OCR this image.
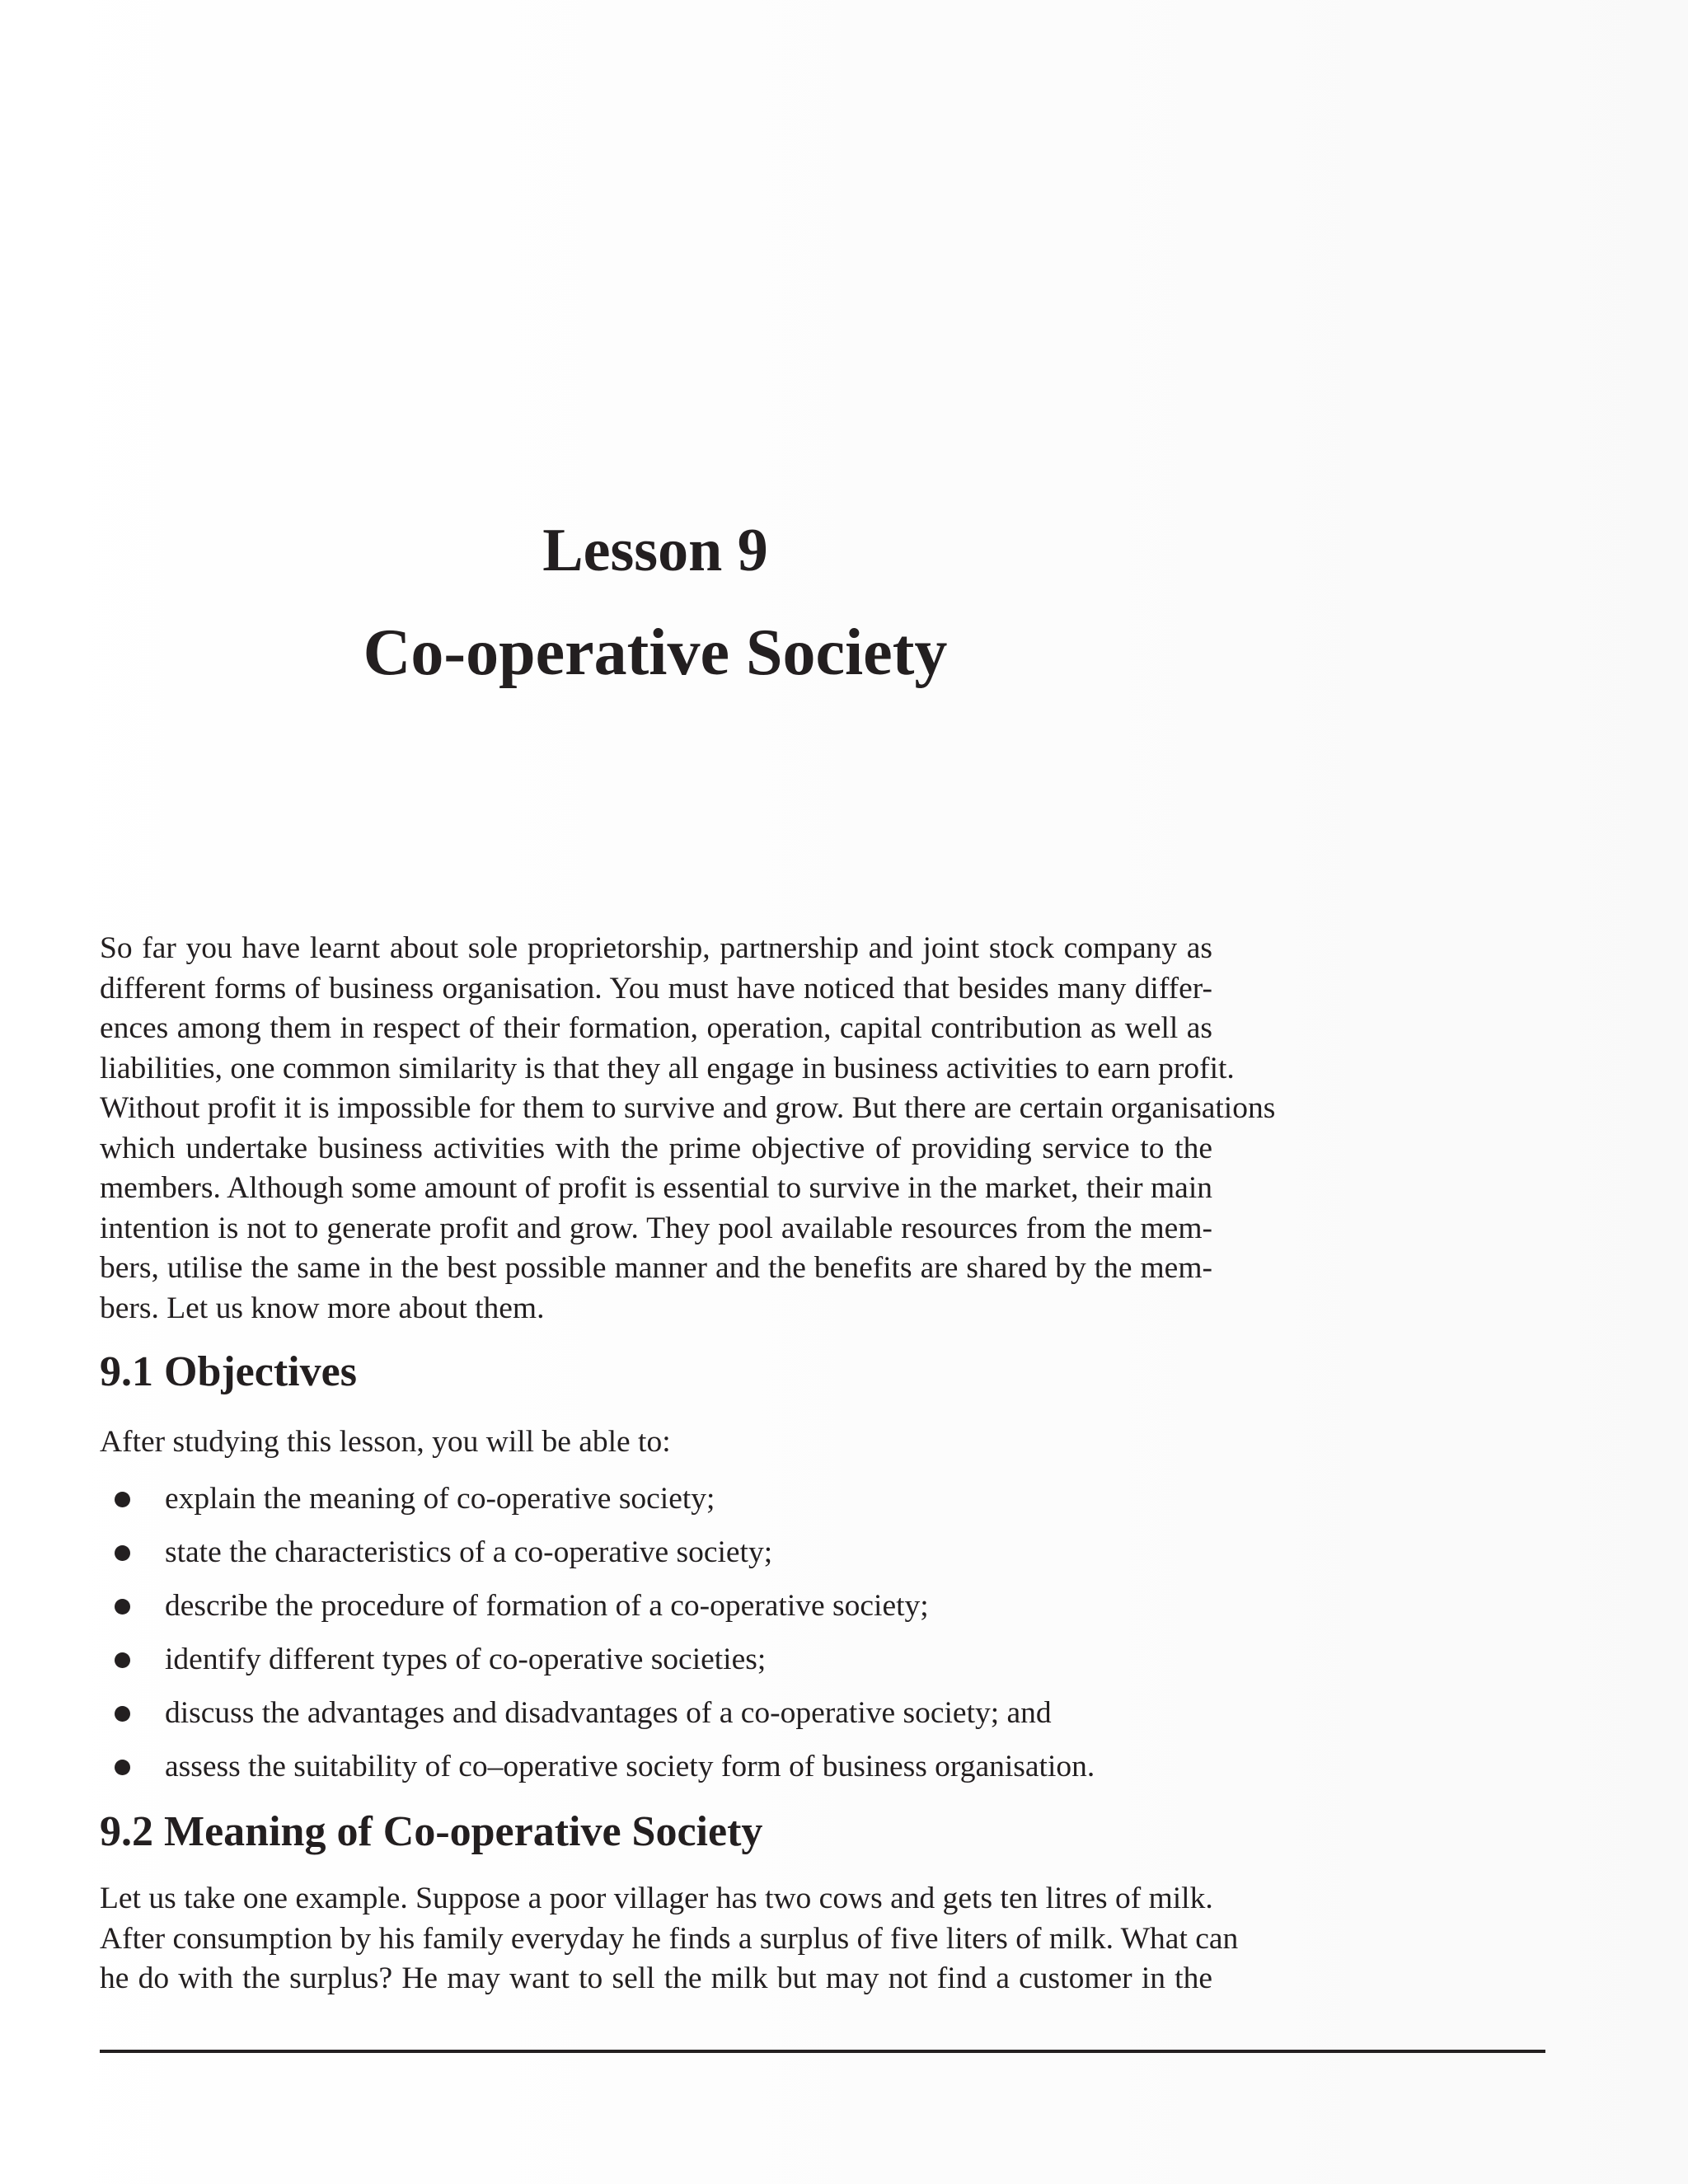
Lesson 9
Co-operative Society

So far you have learnt about sole proprietorship, partnership and joint stock company as
different forms of business organisation. You must have noticed that besides many differ-
ences among them in respect of their formation, operation, capital contribution as well as
liabilities, one common similarity is that they all engage in business activities to earn profit.
Without profit it is impossible for them to survive and grow. But there are certain organisations
which undertake business activities with the prime objective of providing service to the
members. Although some amount of profit is essential to survive in the market, their main
intention is not to generate profit and grow. They pool available resources from the mem-
bers, utilise the same in the best possible manner and the benefits are shared by the mem-
bers. Let us know more about them.

9.1 Objectives

After studying this lesson, you will be able to:

explain the meaning of co-operative society;
state the characteristics of a co-operative society;
describe the procedure of formation of a co-operative society;
identify different types of co-operative societies;
discuss the advantages and disadvantages of a co-operative society; and
assess the suitability of co–operative society form of business organisation.
9.2 Meaning of Co-operative Society

Let us take one example. Suppose a poor villager has two cows and gets ten litres of milk.
After consumption by his family everyday he finds a surplus of five liters of milk. What can
he do with the surplus? He may want to sell the milk but may not find a customer in the
